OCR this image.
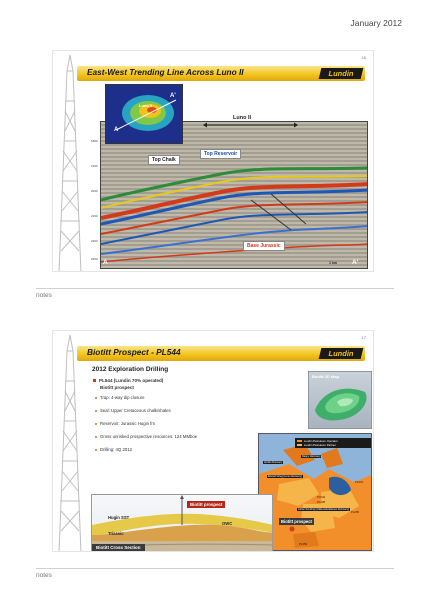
January 2012
16
East-West Trending Line Across Luno II	Lundin
1800
1900
2000
2100
2200
2300
Luno II
A
A'
Luno II
Top Reservoir
Top Chalk
Base Jurassic
A	A'
1 km
notes
17
Biotitt Prospect - PL544	Lundin
2012 Exploration Drilling
PL544 (Lundin 70% operated)
Biotitt prospect
Trap: 4-way dip closure
Seal: Upper Cretaceous chalk/shales
Reservoir: Jurassic Hugin fm
Gross unrisked prospective resources: 124 MMboe
Drilling: 4Q 2012
Biotitt 3D Map
Lundin Petroleum Operator
Lundin Petroleum Partner
Apollo discovery
Dagny discovery
Edvard Grieg (Luno discovery)
Johan Sverdrup (Aldous/Avaldsnes discovery)
PL501
PL544
PL338
PL265
PL359
Biotitt prospect
Biotitt prospect
Hugin SST
OWC
Triassic
Biotitt Cross Section
notes
